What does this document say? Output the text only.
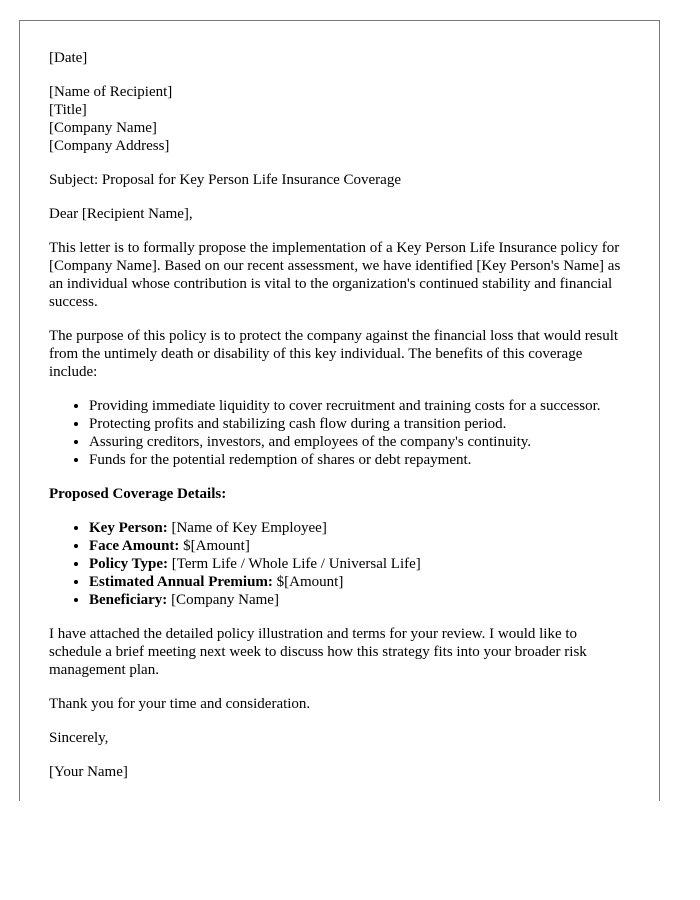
[Date]

[Name of Recipient]
[Title]
[Company Name]
[Company Address]

Subject: Proposal for Key Person Life Insurance Coverage

Dear [Recipient Name],

This letter is to formally propose the implementation of a Key Person Life Insurance policy for [Company Name]. Based on our recent assessment, we have identified [Key Person's Name] as an individual whose contribution is vital to the organization's continued stability and financial success.

The purpose of this policy is to protect the company against the financial loss that would result from the untimely death or disability of this key individual. The benefits of this coverage include:

• Providing immediate liquidity to cover recruitment and training costs for a successor.
• Protecting profits and stabilizing cash flow during a transition period.
• Assuring creditors, investors, and employees of the company's continuity.
• Funds for the potential redemption of shares or debt repayment.

Proposed Coverage Details:

• Key Person: [Name of Key Employee]
• Face Amount: $[Amount]
• Policy Type: [Term Life / Whole Life / Universal Life]
• Estimated Annual Premium: $[Amount]
• Beneficiary: [Company Name]

I have attached the detailed policy illustration and terms for your review. I would like to schedule a brief meeting next week to discuss how this strategy fits into your broader risk management plan.

Thank you for your time and consideration.

Sincerely,

[Your Name]
